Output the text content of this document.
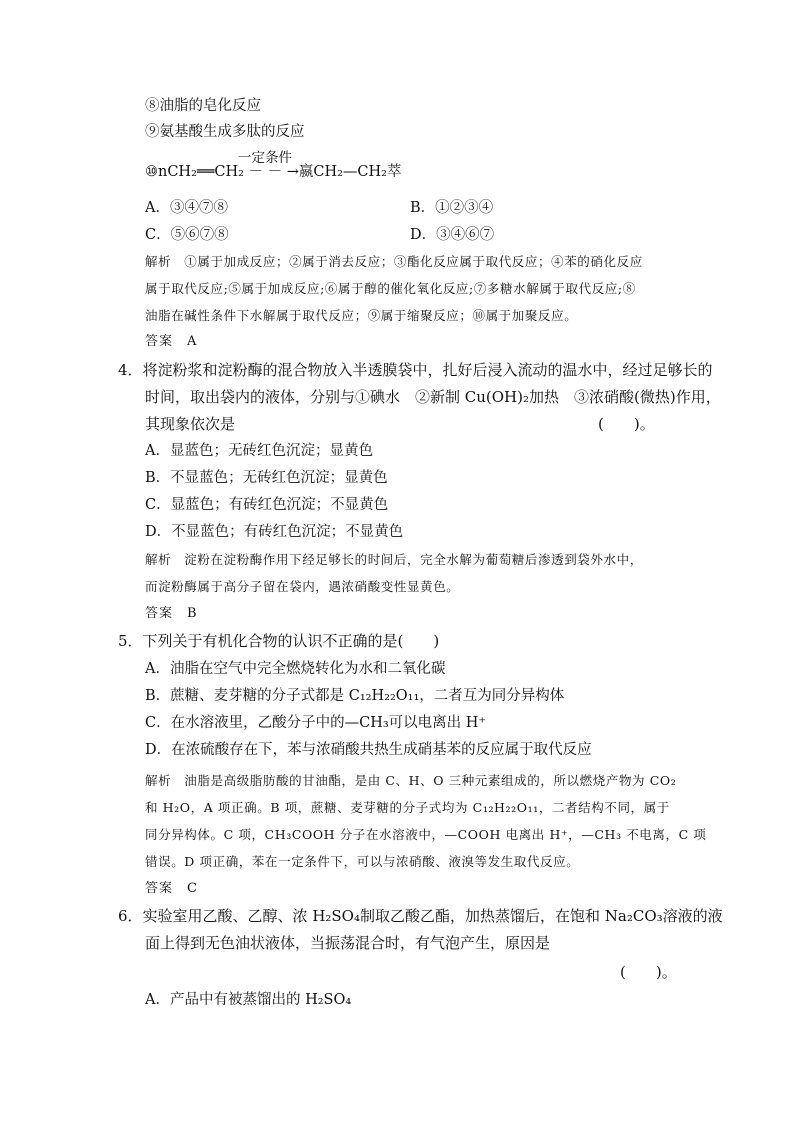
⑧油脂的皂化反应
⑨氨基酸生成多肽的反应
一定条件
⑩nCH₂══CH₂ － － →嬴CH₂—CH₂萃
A．③④⑦⑧	B．①②③④
C．⑤⑥⑦⑧	D．③④⑥⑦
解析　①属于加成反应；②属于消去反应；③酯化反应属于取代反应；④苯的硝化反应
属于取代反应;⑤属于加成反应;⑥属于醇的催化氧化反应;⑦多糖水解属于取代反应;⑧
油脂在碱性条件下水解属于取代反应；⑨属于缩聚反应；⑩属于加聚反应。
答案　A
4．将淀粉浆和淀粉酶的混合物放入半透膜袋中，扎好后浸入流动的温水中，经过足够长的
时间，取出袋内的液体，分别与①碘水　②新制 Cu(OH)₂加热　③浓硝酸(微热)作用，
其现象依次是	(　　)。
A．显蓝色；无砖红色沉淀；显黄色
B．不显蓝色；无砖红色沉淀；显黄色
C．显蓝色；有砖红色沉淀；不显黄色
D．不显蓝色；有砖红色沉淀；不显黄色
解析　淀粉在淀粉酶作用下经足够长的时间后，完全水解为葡萄糖后渗透到袋外水中，
而淀粉酶属于高分子留在袋内，遇浓硝酸变性显黄色。
答案　B
5．下列关于有机化合物的认识不正确的是(　　)
A．油脂在空气中完全燃烧转化为水和二氧化碳
B．蔗糖、麦芽糖的分子式都是 C₁₂H₂₂O₁₁，二者互为同分异构体
C．在水溶液里，乙酸分子中的—CH₃可以电离出 H⁺
D．在浓硫酸存在下，苯与浓硝酸共热生成硝基苯的反应属于取代反应
解析　油脂是高级脂肪酸的甘油酯，是由 C、H、O 三种元素组成的，所以燃烧产物为 CO₂
和 H₂O，A 项正确。B 项，蔗糖、麦芽糖的分子式均为 C₁₂H₂₂O₁₁，二者结构不同，属于
同分异构体。C 项，CH₃COOH 分子在水溶液中，—COOH 电离出 H⁺，—CH₃ 不电离，C 项
错误。D 项正确，苯在一定条件下，可以与浓硝酸、液溴等发生取代反应。
答案　C
6．实验室用乙酸、乙醇、浓 H₂SO₄制取乙酸乙酯，加热蒸馏后，在饱和 Na₂CO₃溶液的液
面上得到无色油状液体，当振荡混合时，有气泡产生，原因是
(　　)。
A．产品中有被蒸馏出的 H₂SO₄
